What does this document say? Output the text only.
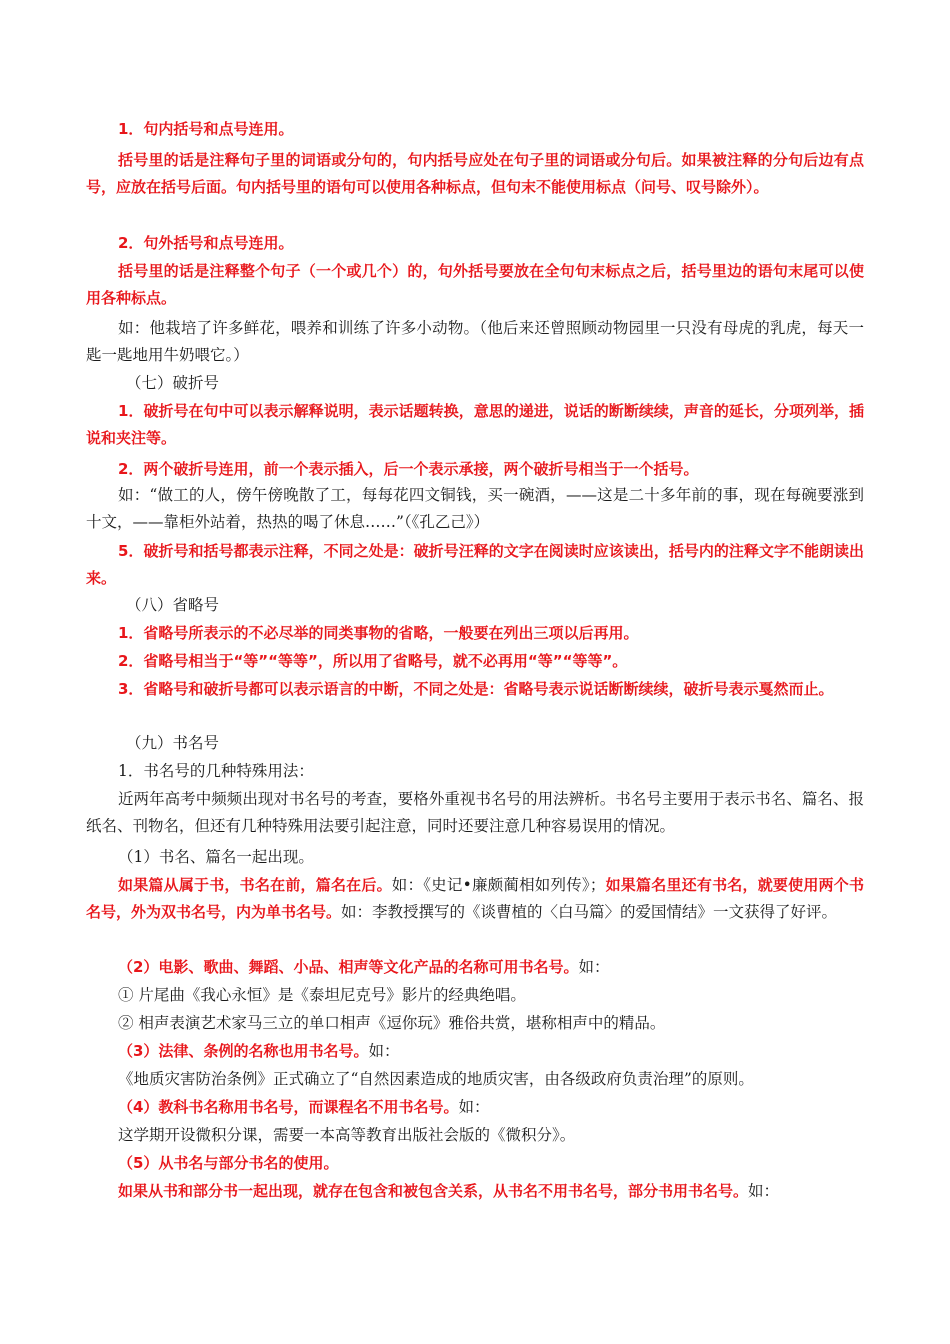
1．句内括号和点号连用。
括号里的话是注释句子里的词语或分句的，句内括号应处在句子里的词语或分句后。如果被注释的分句后边有点号，应放在括号后面。句内括号里的语句可以使用各种标点，但句末不能使用标点（问号、叹号除外）。
2．句外括号和点号连用。
括号里的话是注释整个句子（一个或几个）的，句外括号要放在全句句末标点之后，括号里边的语句末尾可以使用各种标点。
如：他栽培了许多鲜花，喂养和训练了许多小动物。（他后来还曾照顾动物园里一只没有母虎的乳虎，每天一匙一匙地用牛奶喂它。）
（七）破折号
1．破折号在句中可以表示解释说明，表示话题转换，意思的递进，说话的断断续续，声音的延长，分项列举，插说和夹注等。
2．两个破折号连用，前一个表示插入，后一个表示承接，两个破折号相当于一个括号。
如：“做工的人，傍午傍晚散了工，每每花四文铜钱，买一碗酒，——这是二十多年前的事，现在每碗要涨到十文，——靠柜外站着，热热的喝了休息……”（《孔乙己》）
5．破折号和括号都表示注释，不同之处是：破折号汪释的文字在阅读时应该读出，括号内的注释文字不能朗读出来。
（八）省略号
1．省略号所表示的不必尽举的同类事物的省略，一般要在列出三项以后再用。
2．省略号相当于“等”“等等”，所以用了省略号，就不必再用“等”“等等”。
3．省略号和破折号都可以表示语言的中断，不同之处是：省略号表示说话断断续续，破折号表示戛然而止。
（九）书名号
1．书名号的几种特殊用法：
近两年高考中频频出现对书名号的考查，要格外重视书名号的用法辨析。书名号主要用于表示书名、篇名、报纸名、刊物名，但还有几种特殊用法要引起注意，同时还要注意几种容易误用的情况。
（1）书名、篇名一起出现。
如果篇从属于书，书名在前，篇名在后。如：《史记•廉颇蔺相如列传》；如果篇名里还有书名，就要使用两个书名号，外为双书名号，内为单书名号。如：李教授撰写的《谈曹植的〈白马篇〉的爱国情结》一文获得了好评。
（2）电影、歌曲、舞蹈、小品、相声等文化产品的名称可用书名号。如：
① 片尾曲《我心永恒》是《泰坦尼克号》影片的经典绝唱。
② 相声表演艺术家马三立的单口相声《逗你玩》雅俗共赏，堪称相声中的精品。
（3）法律、条例的名称也用书名号。如：
《地质灾害防治条例》正式确立了“自然因素造成的地质灾害，由各级政府负责治理”的原则。
（4）教科书名称用书名号，而课程名不用书名号。如：
这学期开设微积分课，需要一本高等教育出版社会版的《微积分》。
（5）从书名与部分书名的使用。
如果从书和部分书一起出现，就存在包含和被包含关系，从书名不用书名号，部分书用书名号。如：
